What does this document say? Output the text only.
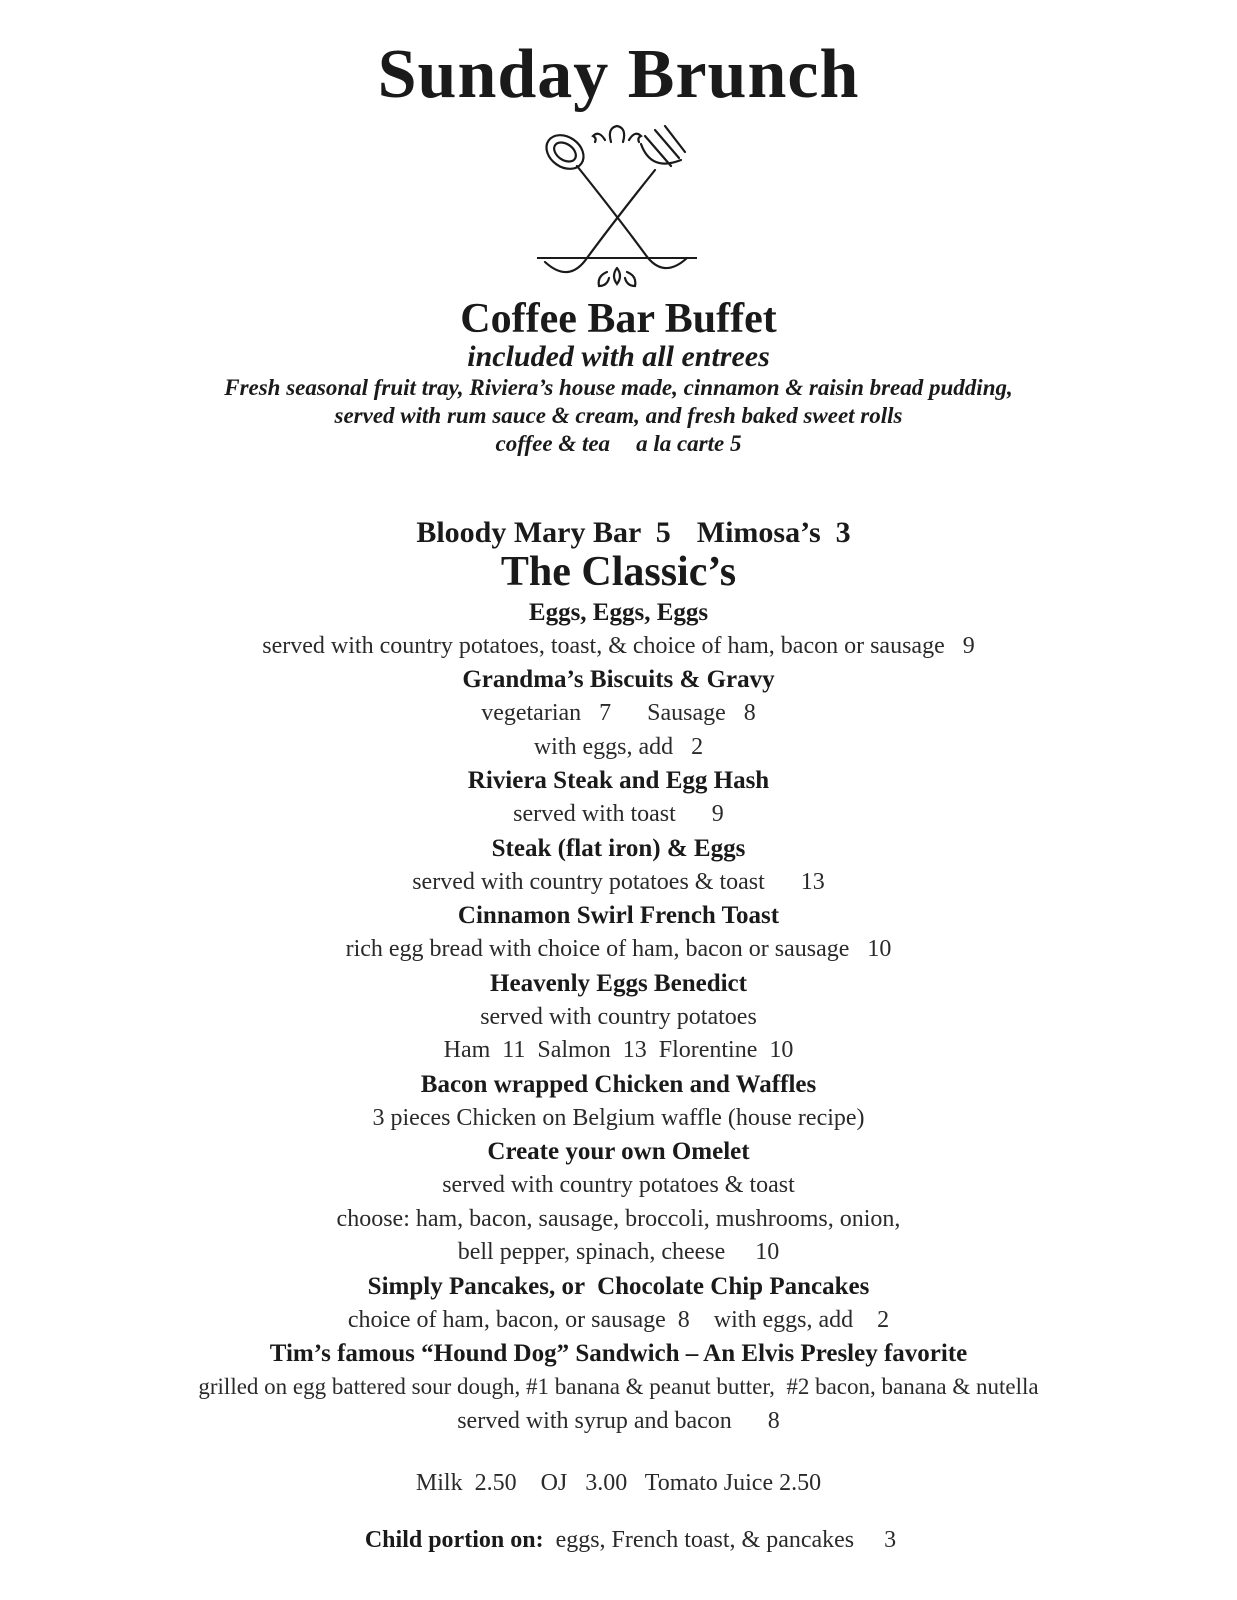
Sunday Brunch
Coffee Bar Buffet
included with all entrees
Fresh seasonal fruit tray, Riviera’s house made, cinnamon & raisin bread pudding,
served with rum sauce & cream, and fresh baked sweet rolls
coffee & tea a la carte 5

Bloody Mary Bar  5 Mimosa’s  3

The Classic’s
Eggs, Eggs, Eggs
served with country potatoes, toast, & choice of ham, bacon or sausage   9
Grandma’s Biscuits & Gravy
vegetarian   7      Sausage   8
with eggs, add   2
Riviera Steak and Egg Hash
served with toast      9
Steak (flat iron) & Eggs
served with country potatoes & toast      13
Cinnamon Swirl French Toast
rich egg bread with choice of ham, bacon or sausage   10
Heavenly Eggs Benedict
served with country potatoes
Ham  11  Salmon  13  Florentine  10
Bacon wrapped Chicken and Waffles
3 pieces Chicken on Belgium waffle (house recipe)
Create your own Omelet
served with country potatoes & toast
choose: ham, bacon, sausage, broccoli, mushrooms, onion,
bell pepper, spinach, cheese     10
Simply Pancakes, or  Chocolate Chip Pancakes
choice of ham, bacon, or sausage  8    with eggs, add    2
Tim’s famous “Hound Dog” Sandwich – An Elvis Presley favorite
grilled on egg battered sour dough, #1 banana & peanut butter,  #2 bacon, banana & nutella
served with syrup and bacon      8
Milk  2.50    OJ   3.00   Tomato Juice 2.50

Child portion on:  eggs, French toast, & pancakes     3
